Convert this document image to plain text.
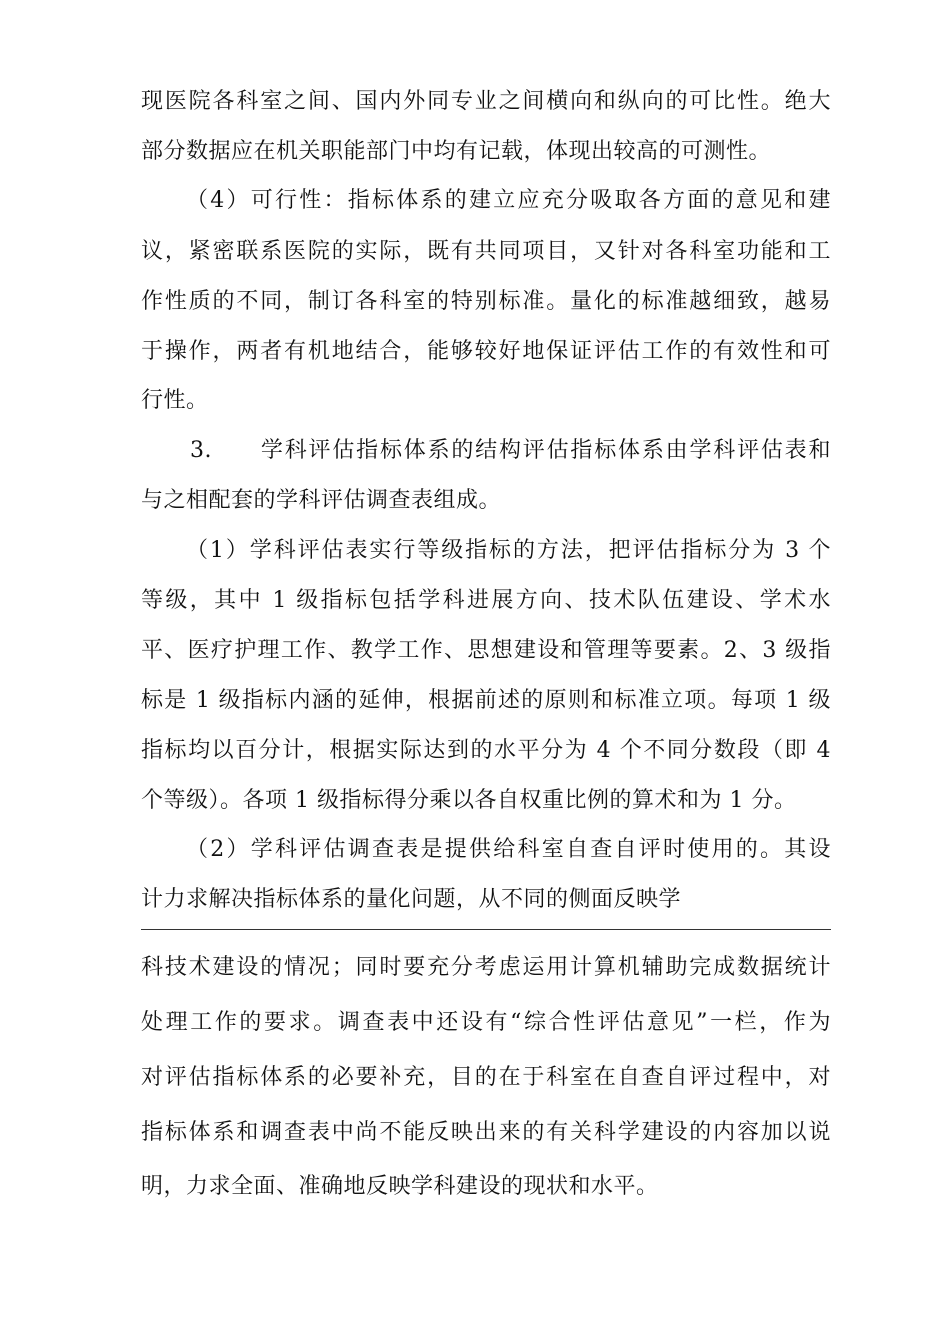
现医院各科室之间、国内外同专业之间横向和纵向的可比性。绝大
部分数据应在机关职能部门中均有记载，体现出较高的可测性。
（4）可行性：指标体系的建立应充分吸取各方面的意见和建
议，紧密联系医院的实际，既有共同项目，又针对各科室功能和工
作性质的不同，制订各科室的特别标准。量化的标准越细致，越易
于操作，两者有机地结合，能够较好地保证评估工作的有效性和可
行性。
3.　　学科评估指标体系的结构评估指标体系由学科评估表和
与之相配套的学科评估调查表组成。
（1）学科评估表实行等级指标的方法，把评估指标分为 3 个
等级，其中 1 级指标包括学科进展方向、技术队伍建设、学术水
平、医疗护理工作、教学工作、思想建设和管理等要素。2、3 级指
标是 1 级指标内涵的延伸，根据前述的原则和标准立项。每项 1 级
指标均以百分计，根据实际达到的水平分为 4 个不同分数段（即 4
个等级）。各项 1 级指标得分乘以各自权重比例的算术和为 1 分。
（2）学科评估调查表是提供给科室自查自评时使用的。其设
计力求解决指标体系的量化问题，从不同的侧面反映学
科技术建设的情况；同时要充分考虑运用计算机辅助完成数据统计
处理工作的要求。调查表中还设有“综合性评估意见”一栏，作为
对评估指标体系的必要补充，目的在于科室在自查自评过程中，对
指标体系和调查表中尚不能反映出来的有关科学建设的内容加以说
明，力求全面、准确地反映学科建设的现状和水平。
